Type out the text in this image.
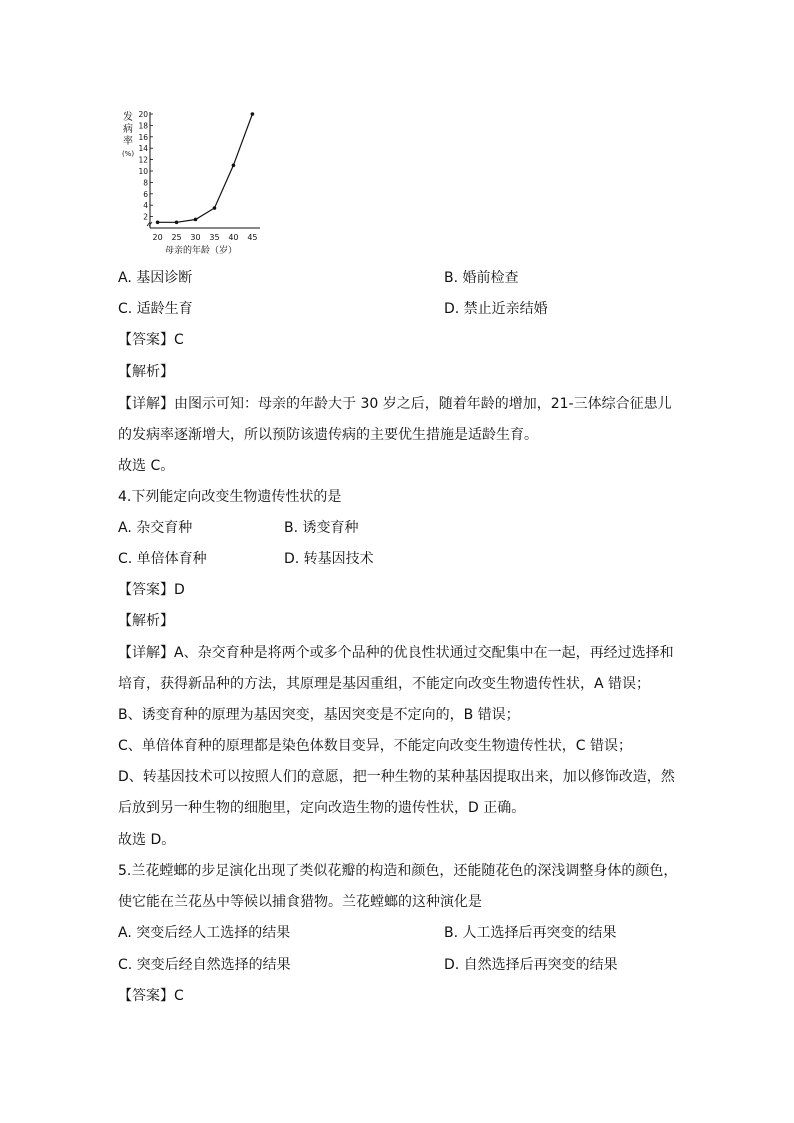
发
病
率
(%)
2
4
6
8
10
12
14
16
18
20
20 25 30 35 40 45
母亲的年龄（岁）
A. 基因诊断	B. 婚前检查
C. 适龄生育	D. 禁止近亲结婚
【答案】C
【解析】
【详解】由图示可知：母亲的年龄大于 30 岁之后，随着年龄的增加，21-三体综合征患儿
的发病率逐渐增大，所以预防该遗传病的主要优生措施是适龄生育。
故选 C。
4.下列能定向改变生物遗传性状的是
A. 杂交育种	B. 诱变育种
C. 单倍体育种	D. 转基因技术
【答案】D
【解析】
【详解】A、杂交育种是将两个或多个品种的优良性状通过交配集中在一起，再经过选择和
培育，获得新品种的方法，其原理是基因重组，不能定向改变生物遗传性状，A 错误；
B、诱变育种的原理为基因突变，基因突变是不定向的，B 错误；
C、单倍体育种的原理都是染色体数目变异，不能定向改变生物遗传性状，C 错误；
D、转基因技术可以按照人们的意愿，把一种生物的某种基因提取出来，加以修饰改造，然
后放到另一种生物的细胞里，定向改造生物的遗传性状，D 正确。
故选 D。
5.兰花螳螂的步足演化出现了类似花瓣的构造和颜色，还能随花色的深浅调整身体的颜色，
使它能在兰花丛中等候以捕食猎物。兰花螳螂的这种演化是
A. 突变后经人工选择的结果	B. 人工选择后再突变的结果
C. 突变后经自然选择的结果	D. 自然选择后再突变的结果
【答案】C
